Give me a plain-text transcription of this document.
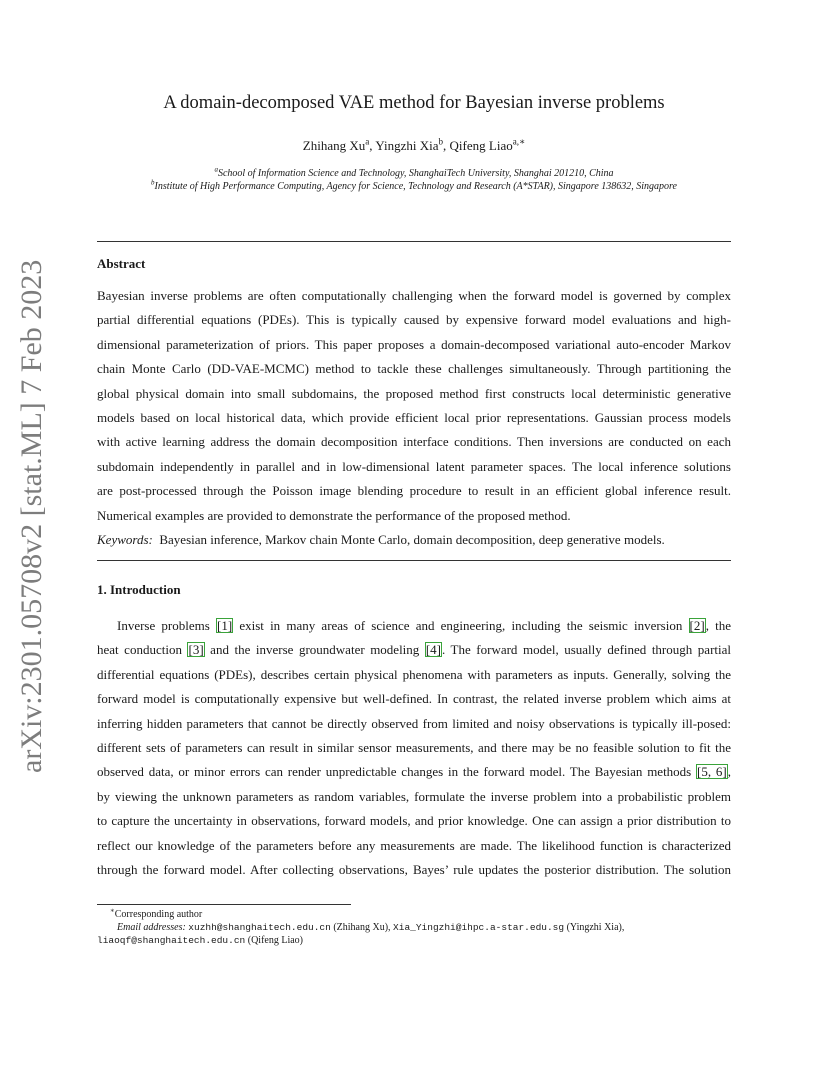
arXiv:2301.05708v2 [stat.ML] 7 Feb 2023
A domain-decomposed VAE method for Bayesian inverse problems
Zhihang Xu$^a$, Yingzhi Xia$^b$, Qifeng Liao$^{a,∗}$
$^a$School of Information Science and Technology, ShanghaiTech University, Shanghai 201210, China
$^b$Institute of High Performance Computing, Agency for Science, Technology and Research (A*STAR), Singapore 138632, Singapore
Abstract
Bayesian inverse problems are often computationally challenging when the forward model is governed by complex
partial differential equations (PDEs). This is typically caused by expensive forward model evaluations and high-
dimensional parameterization of priors. This paper proposes a domain-decomposed variational auto-encoder Markov
chain Monte Carlo (DD-VAE-MCMC) method to tackle these challenges simultaneously. Through partitioning the
global physical domain into small subdomains, the proposed method first constructs local deterministic generative
models based on local historical data, which provide efficient local prior representations. Gaussian process models
with active learning address the domain decomposition interface conditions. Then inversions are conducted on each
subdomain independently in parallel and in low-dimensional latent parameter spaces. The local inference solutions
are post-processed through the Poisson image blending procedure to result in an efficient global inference result.
Numerical examples are provided to demonstrate the performance of the proposed method.
Keywords: Bayesian inference, Markov chain Monte Carlo, domain decomposition, deep generative models.
1. Introduction
Inverse problems [1] exist in many areas of science and engineering, including the seismic inversion [2], the
heat conduction [3] and the inverse groundwater modeling [4]. The forward model, usually defined through partial
differential equations (PDEs), describes certain physical phenomena with parameters as inputs. Generally, solving the
forward model is computationally expensive but well-defined. In contrast, the related inverse problem which aims at
inferring hidden parameters that cannot be directly observed from limited and noisy observations is typically ill-posed:
different sets of parameters can result in similar sensor measurements, and there may be no feasible solution to fit the
observed data, or minor errors can render unpredictable changes in the forward model. The Bayesian methods [5, 6],
by viewing the unknown parameters as random variables, formulate the inverse problem into a probabilistic problem
to capture the uncertainty in observations, forward models, and prior knowledge. One can assign a prior distribution to
reflect our knowledge of the parameters before any measurements are made. The likelihood function is characterized
through the forward model. After collecting observations, Bayes’ rule updates the posterior distribution. The solution
∗Corresponding author
Email addresses: xuzhh@shanghaitech.edu.cn (Zhihang Xu), Xia_Yingzhi@ihpc.a-star.edu.sg (Yingzhi Xia),
liaoqf@shanghaitech.edu.cn (Qifeng Liao)
